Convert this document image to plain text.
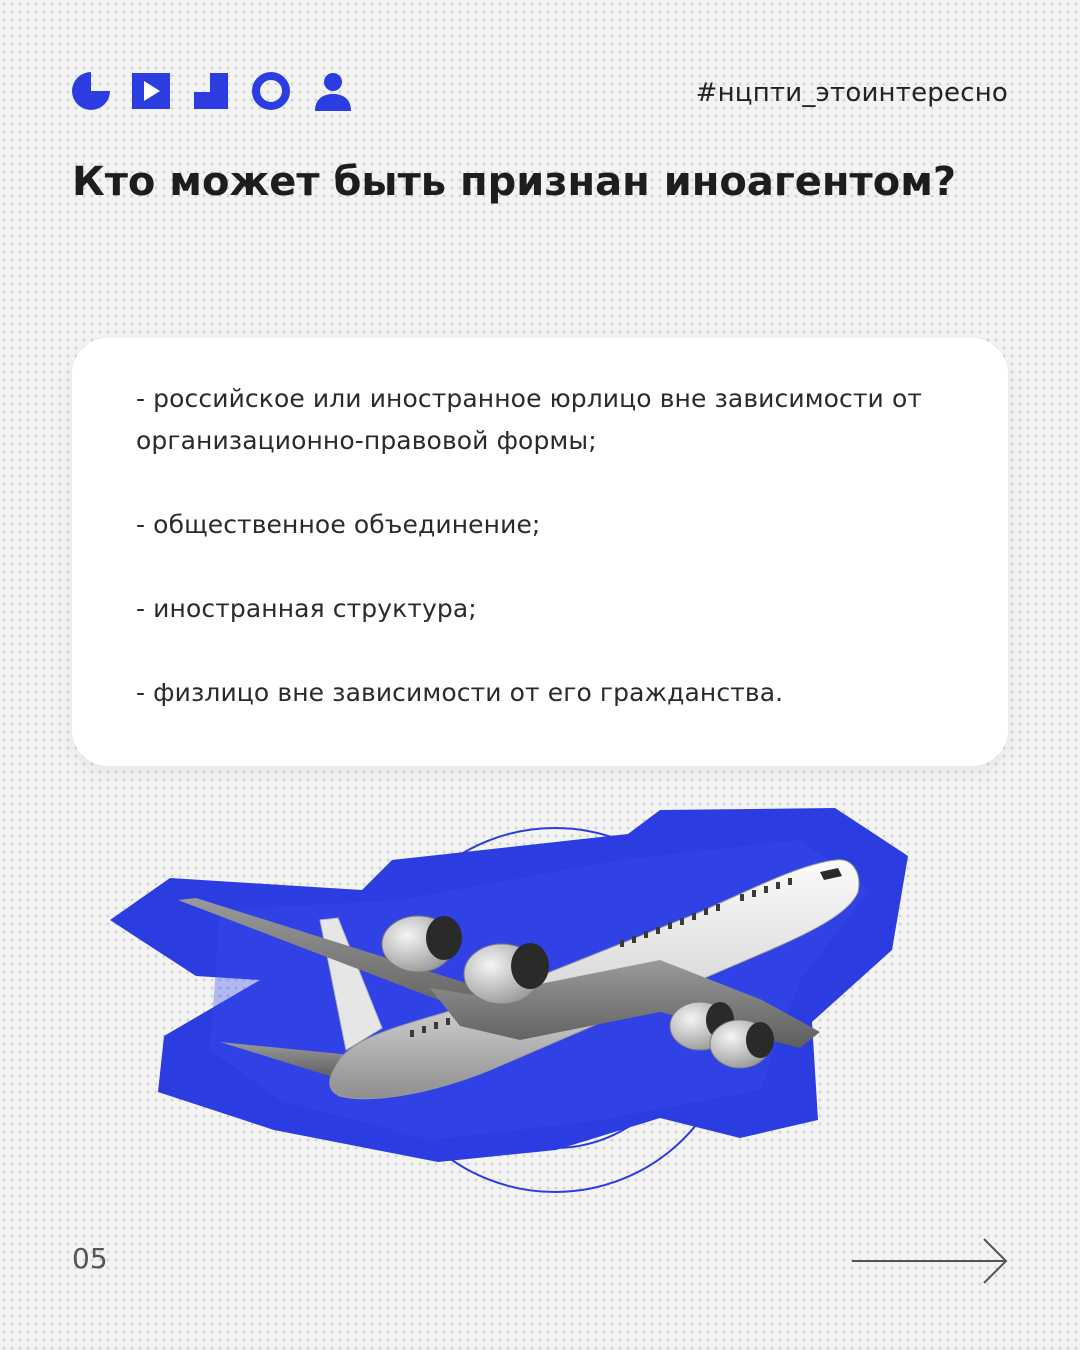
#нцпти_этоинтересно
Кто может быть признан иноагентом?
- российское или иностранное юрлицо вне зависимости от организационно-правовой формы;
- общественное объединение;
- иностранная структура;
- физлицо вне зависимости от его гражданства.
05
